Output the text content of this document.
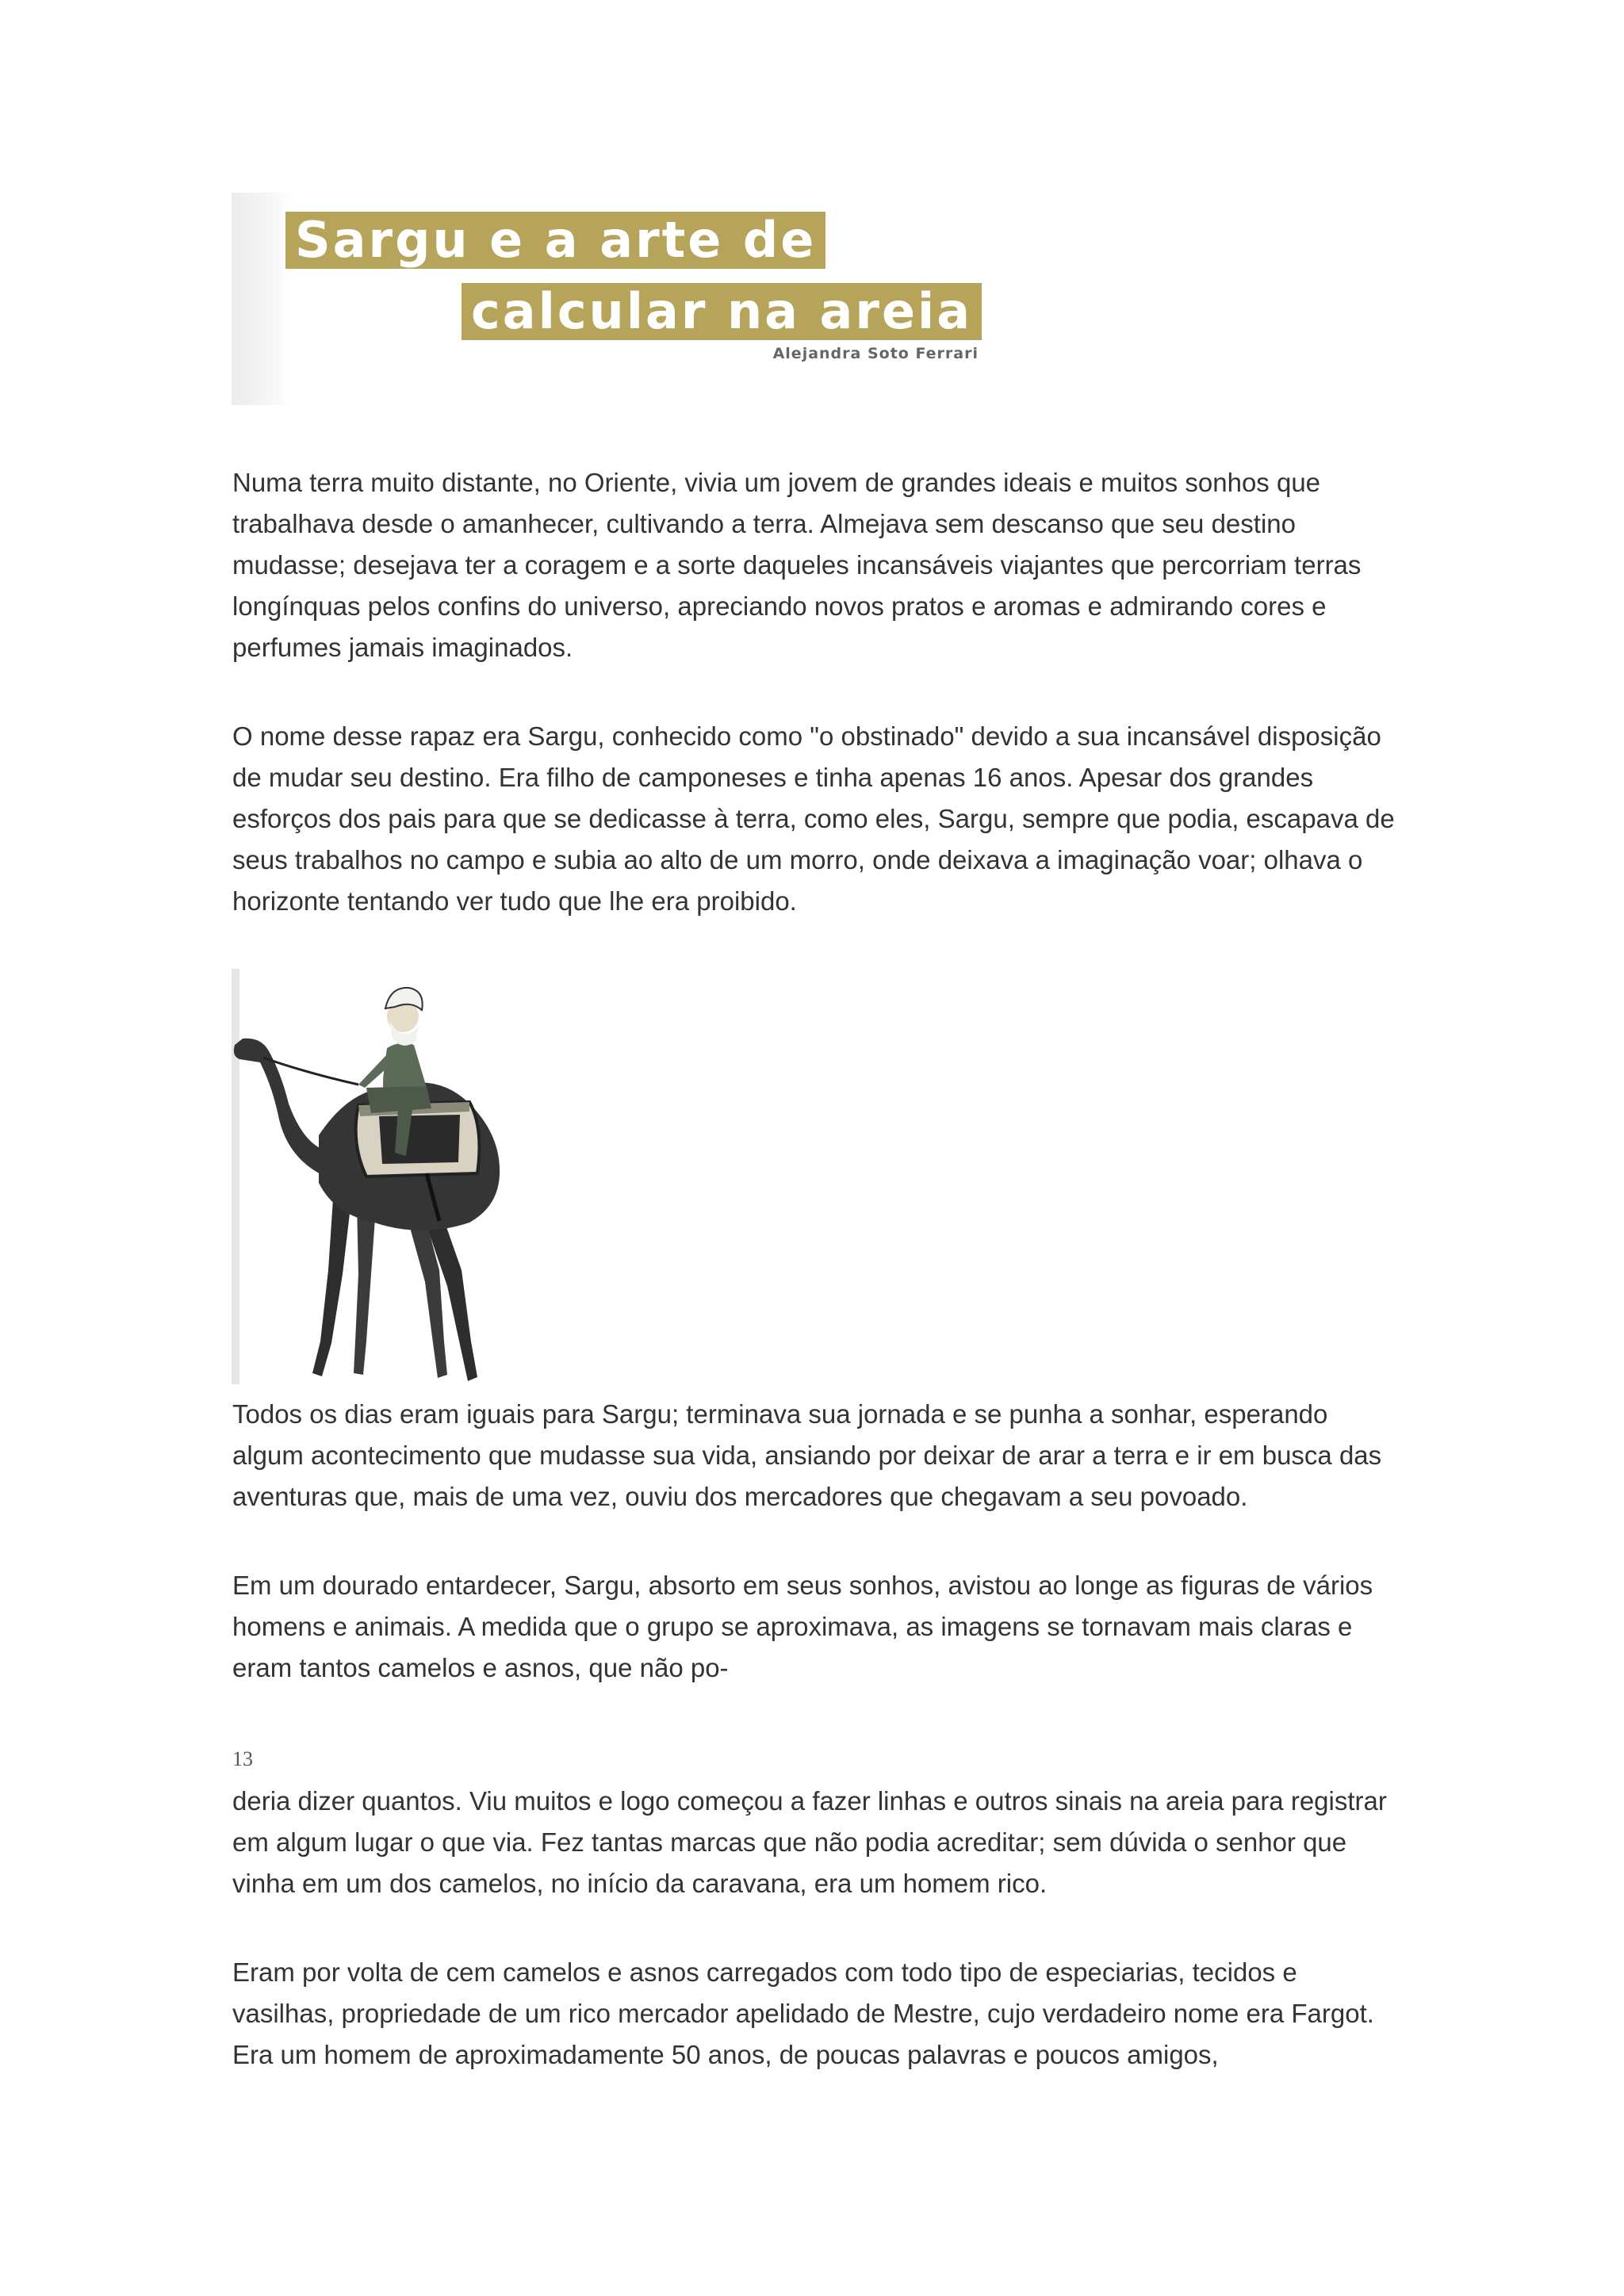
Sargu e a arte de
calcular na areia
Alejandra Soto Ferrari

Numa terra muito distante, no Oriente, vivia um jovem de grandes ideais e muitos sonhos que trabalhava desde o amanhecer, cultivando a terra. Almejava sem descanso que seu destino mudasse; desejava ter a coragem e a sorte daqueles incansáveis viajantes que percorriam terras longínquas pelos confins do universo, apreciando novos pratos e aromas e admirando cores e perfumes jamais imaginados.

O nome desse rapaz era Sargu, conhecido como "o obstinado" devido a sua incansável disposição de mudar seu destino. Era filho de camponeses e tinha apenas 16 anos. Apesar dos grandes esforços dos pais para que se dedicasse à terra, como eles, Sargu, sempre que podia, escapava de seus trabalhos no campo e subia ao alto de um morro, onde deixava a imaginação voar; olhava o horizonte tentando ver tudo que lhe era proibido.

Todos os dias eram iguais para Sargu; terminava sua jornada e se punha a sonhar, esperando algum acontecimento que mudasse sua vida, ansiando por deixar de arar a terra e ir em busca das aventuras que, mais de uma vez, ouviu dos mercadores que chegavam a seu povoado.

Em um dourado entardecer, Sargu, absorto em seus sonhos, avistou ao longe as figuras de vários homens e animais. A medida que o grupo se aproximava, as imagens se tornavam mais claras e eram tantos camelos e asnos, que não po-

13

deria dizer quantos. Viu muitos e logo começou a fazer linhas e outros sinais na areia para registrar em algum lugar o que via. Fez tantas marcas que não podia acreditar; sem dúvida o senhor que vinha em um dos camelos, no início da caravana, era um homem rico.

Eram por volta de cem camelos e asnos carregados com todo tipo de especiarias, tecidos e vasilhas, propriedade de um rico mercador apelidado de Mestre, cujo verdadeiro nome era Fargot. Era um homem de aproximadamente 50 anos, de poucas palavras e poucos amigos,
